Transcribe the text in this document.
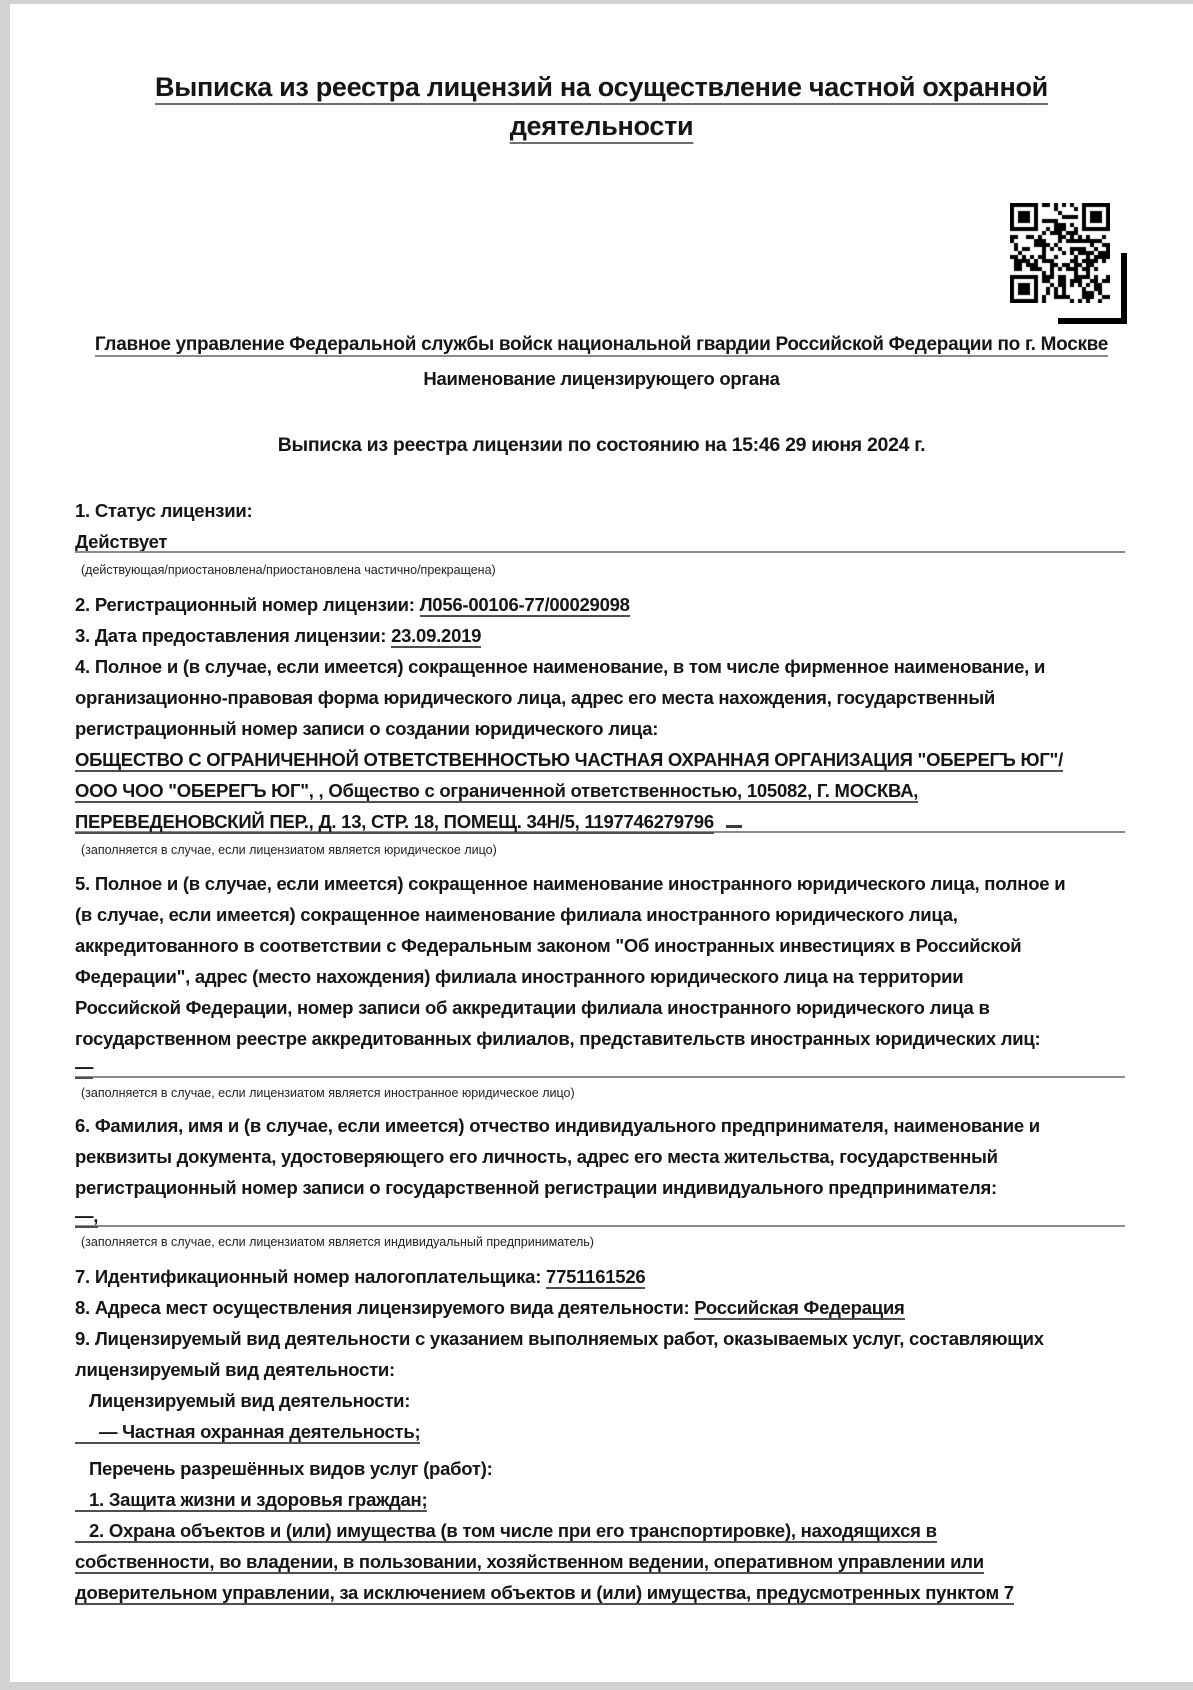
Выписка из реестра лицензий на осуществление частной охранной деятельности
Главное управление Федеральной службы войск национальной гвардии Российской Федерации по г. Москве
Наименование лицензирующего органа
Выписка из реестра лицензии по состоянию на 15:46 29 июня 2024 г.
1. Статус лицензии:
Действует
(действующая/приостановлена/приостановлена частично/прекращена)
2. Регистрационный номер лицензии: Л056-00106-77/00029098
3. Дата предоставления лицензии: 23.09.2019
4. Полное и (в случае, если имеется) сокращенное наименование, в том числе фирменное наименование, и
организационно-правовая форма юридического лица, адрес его места нахождения, государственный
регистрационный номер записи о создании юридического лица:
ОБЩЕСТВО С ОГРАНИЧЕННОЙ ОТВЕТСТВЕННОСТЬЮ ЧАСТНАЯ ОХРАННАЯ ОРГАНИЗАЦИЯ "ОБЕРЕГЪ ЮГ"/
ООО ЧОО "ОБЕРЕГЪ ЮГ", , Общество с ограниченной ответственностью, 105082, Г. МОСКВА,
ПЕРЕВЕДЕНОВСКИЙ ПЕР., Д. 13, СТР. 18, ПОМЕЩ. 34Н/5, 1197746279796
(заполняется в случае, если лицензиатом является юридическое лицо)
5. Полное и (в случае, если имеется) сокращенное наименование иностранного юридического лица, полное и
(в случае, если имеется) сокращенное наименование филиала иностранного юридического лица,
аккредитованного в соответствии с Федеральным законом "Об иностранных инвестициях в Российской
Федерации", адрес (место нахождения) филиала иностранного юридического лица на территории
Российской Федерации, номер записи об аккредитации филиала иностранного юридического лица в
государственном реестре аккредитованных филиалов, представительств иностранных юридических лиц:
—
(заполняется в случае, если лицензиатом является иностранное юридическое лицо)
6. Фамилия, имя и (в случае, если имеется) отчество индивидуального предпринимателя, наименование и
реквизиты документа, удостоверяющего его личность, адрес его места жительства, государственный
регистрационный номер записи о государственной регистрации индивидуального предпринимателя:
—,
(заполняется в случае, если лицензиатом является индивидуальный предприниматель)
7. Идентификационный номер налогоплательщика: 7751161526
8. Адреса мест осуществления лицензируемого вида деятельности: Российская Федерация
9. Лицензируемый вид деятельности с указанием выполняемых работ, оказываемых услуг, составляющих
лицензируемый вид деятельности:
Лицензируемый вид деятельности:
— Частная охранная деятельность;
Перечень разрешённых видов услуг (работ):
1. Защита жизни и здоровья граждан;
2. Охрана объектов и (или) имущества (в том числе при его транспортировке), находящихся в
собственности, во владении, в пользовании, хозяйственном ведении, оперативном управлении или
доверительном управлении, за исключением объектов и (или) имущества, предусмотренных пунктом 7
